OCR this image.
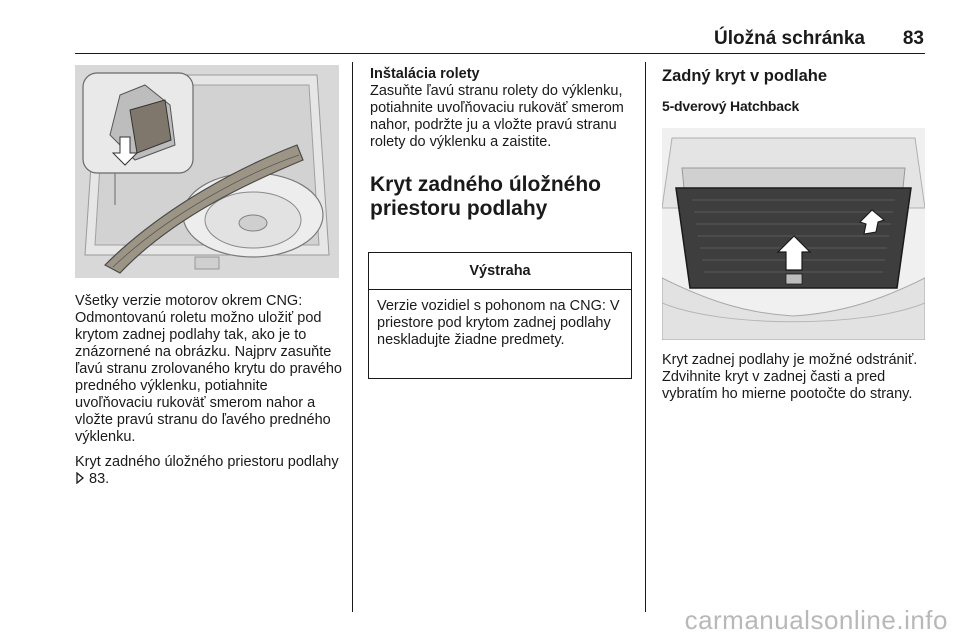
Úložná schránka 83

Všetky verzie motorov okrem CNG: Odmontovanú roletu možno uložiť pod krytom zadnej podlahy tak, ako je to znázornené na obrázku. Najprv zasuňte ľavú stranu zrolovaného krytu do pravého predného výklenku, potiahnite uvoľňovaciu rukoväť smerom nahor a vložte pravú stranu do ľavého predného výklenku.

Kryt zadného úložného priestoru podlahy  83.

Inštalácia rolety

Zasuňte ľavú stranu rolety do výklenku, potiahnite uvoľňovaciu rukoväť smerom nahor, podržte ju a vložte pravú stranu rolety do výklenku a zaistite.

Kryt zadného úložného priestoru podlahy

Výstraha
Verzie vozidiel s pohonom na CNG: V priestore pod krytom zadnej podlahy neskladujte žiadne predmety.

Zadný kryt v podlahe

5-dverový Hatchback

Kryt zadnej podlahy je možné odstrániť. Zdvihnite kryt v zadnej časti a pred vybratím ho mierne pootočte do strany.

carmanualsonline.info
